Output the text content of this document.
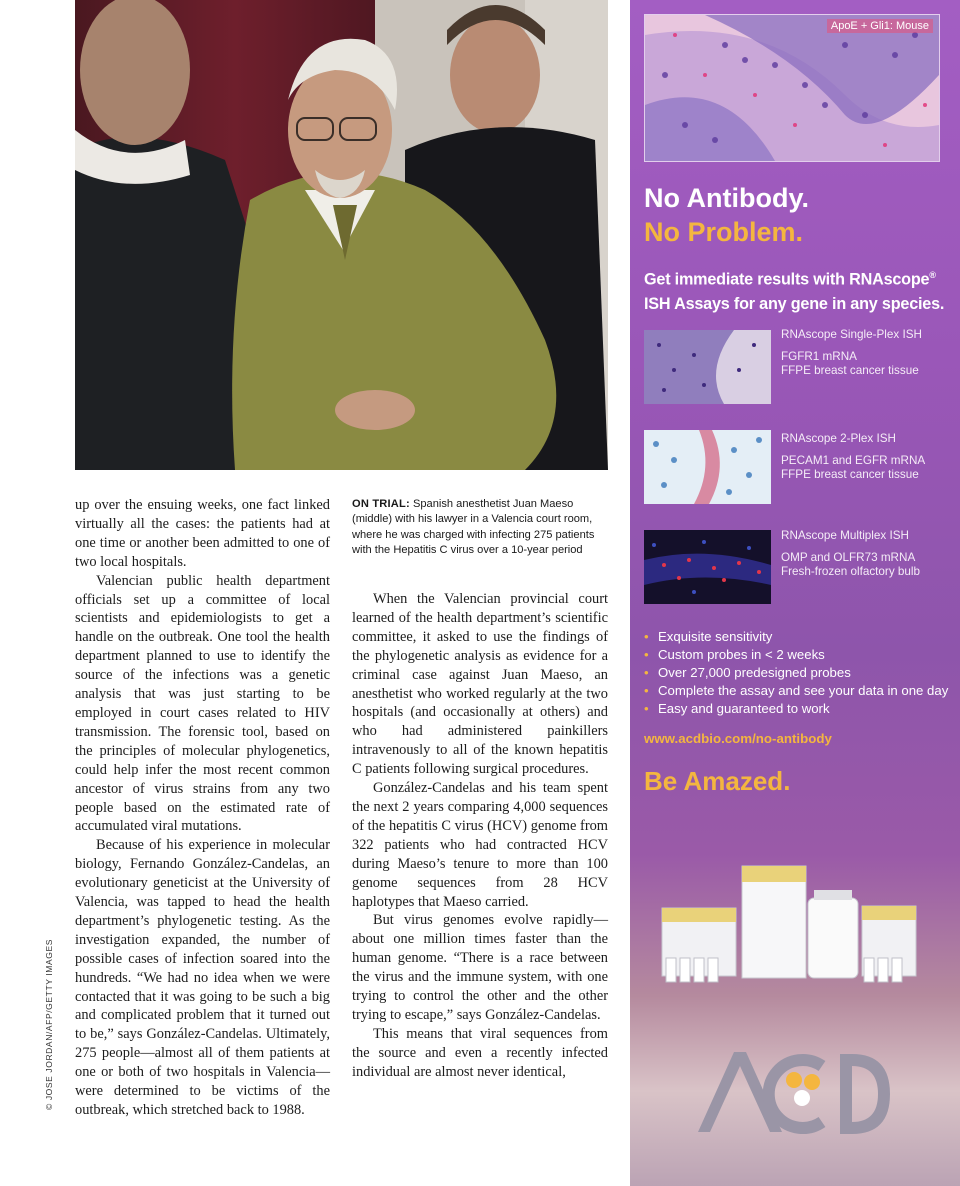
© JOSE JORDAN/AFP/GETTY IMAGES

up over the ensuing weeks, one fact linked virtually all the cases: the patients had at one time or another been admitted to one of two local hospitals.

Valencian public health department officials set up a committee of local scientists and epidemiologists to get a handle on the outbreak. One tool the health department planned to use to identify the source of the infections was a genetic analysis that was just starting to be employed in court cases related to HIV transmission. The forensic tool, based on the principles of molecular phylogenetics, could help infer the most recent common ancestor of virus strains from any two people based on the estimated rate of accumulated viral mutations.

Because of his experience in molecular biology, Fernando González-Candelas, an evolutionary geneticist at the University of Valencia, was tapped to head the health department’s phylogenetic testing. As the investigation expanded, the number of possible cases of infection soared into the hundreds. “We had no idea when we were contacted that it was going to be such a big and complicated problem that it turned out to be,” says González-Candelas. Ultimately, 275 people—almost all of them patients at one or both of two hospitals in Valencia—were determined to be victims of the outbreak, which stretched back to 1988.

ON TRIAL: Spanish anesthetist Juan Maeso (middle) with his lawyer in a Valencia court room, where he was charged with infecting 275 patients with the Hepatitis C virus over a 10-year period

When the Valencian provincial court learned of the health department’s scientific committee, it asked to use the findings of the phylogenetic analysis as evidence for a criminal case against Juan Maeso, an anesthetist who worked regularly at the two hospitals (and occasionally at others) and who had administered painkillers intravenously to all of the known hepatitis C patients following surgical procedures.

González-Candelas and his team spent the next 2 years comparing 4,000 sequences of the hepatitis C virus (HCV) genome from 322 patients who had contracted HCV during Maeso’s tenure to more than 100 genome sequences from 28 HCV haplotypes that Maeso carried.

But virus genomes evolve rapidly—about one million times faster than the human genome. “There is a race between the virus and the immune system, with one trying to control the other and the other trying to escape,” says González-Candelas.

This means that viral sequences from the source and even a recently infected individual are almost never identical,

ApoE + Gli1: Mouse
No Antibody.
No Problem.
Get immediate results with RNAscope®
ISH Assays for any gene in any species.
RNAscope Single-Plex ISH
FGFR1 mRNA
FFPE breast cancer tissue
RNAscope 2-Plex ISH
PECAM1 and EGFR mRNA
FFPE breast cancer tissue
RNAscope Multiplex ISH
OMP and OLFR73 mRNA
Fresh-frozen olfactory bulb
• Exquisite sensitivity
• Custom probes in < 2 weeks
• Over 27,000 predesigned probes
• Complete the assay and see your data in one day
• Easy and guaranteed to work
www.acdbio.com/no-antibody
Be Amazed.
